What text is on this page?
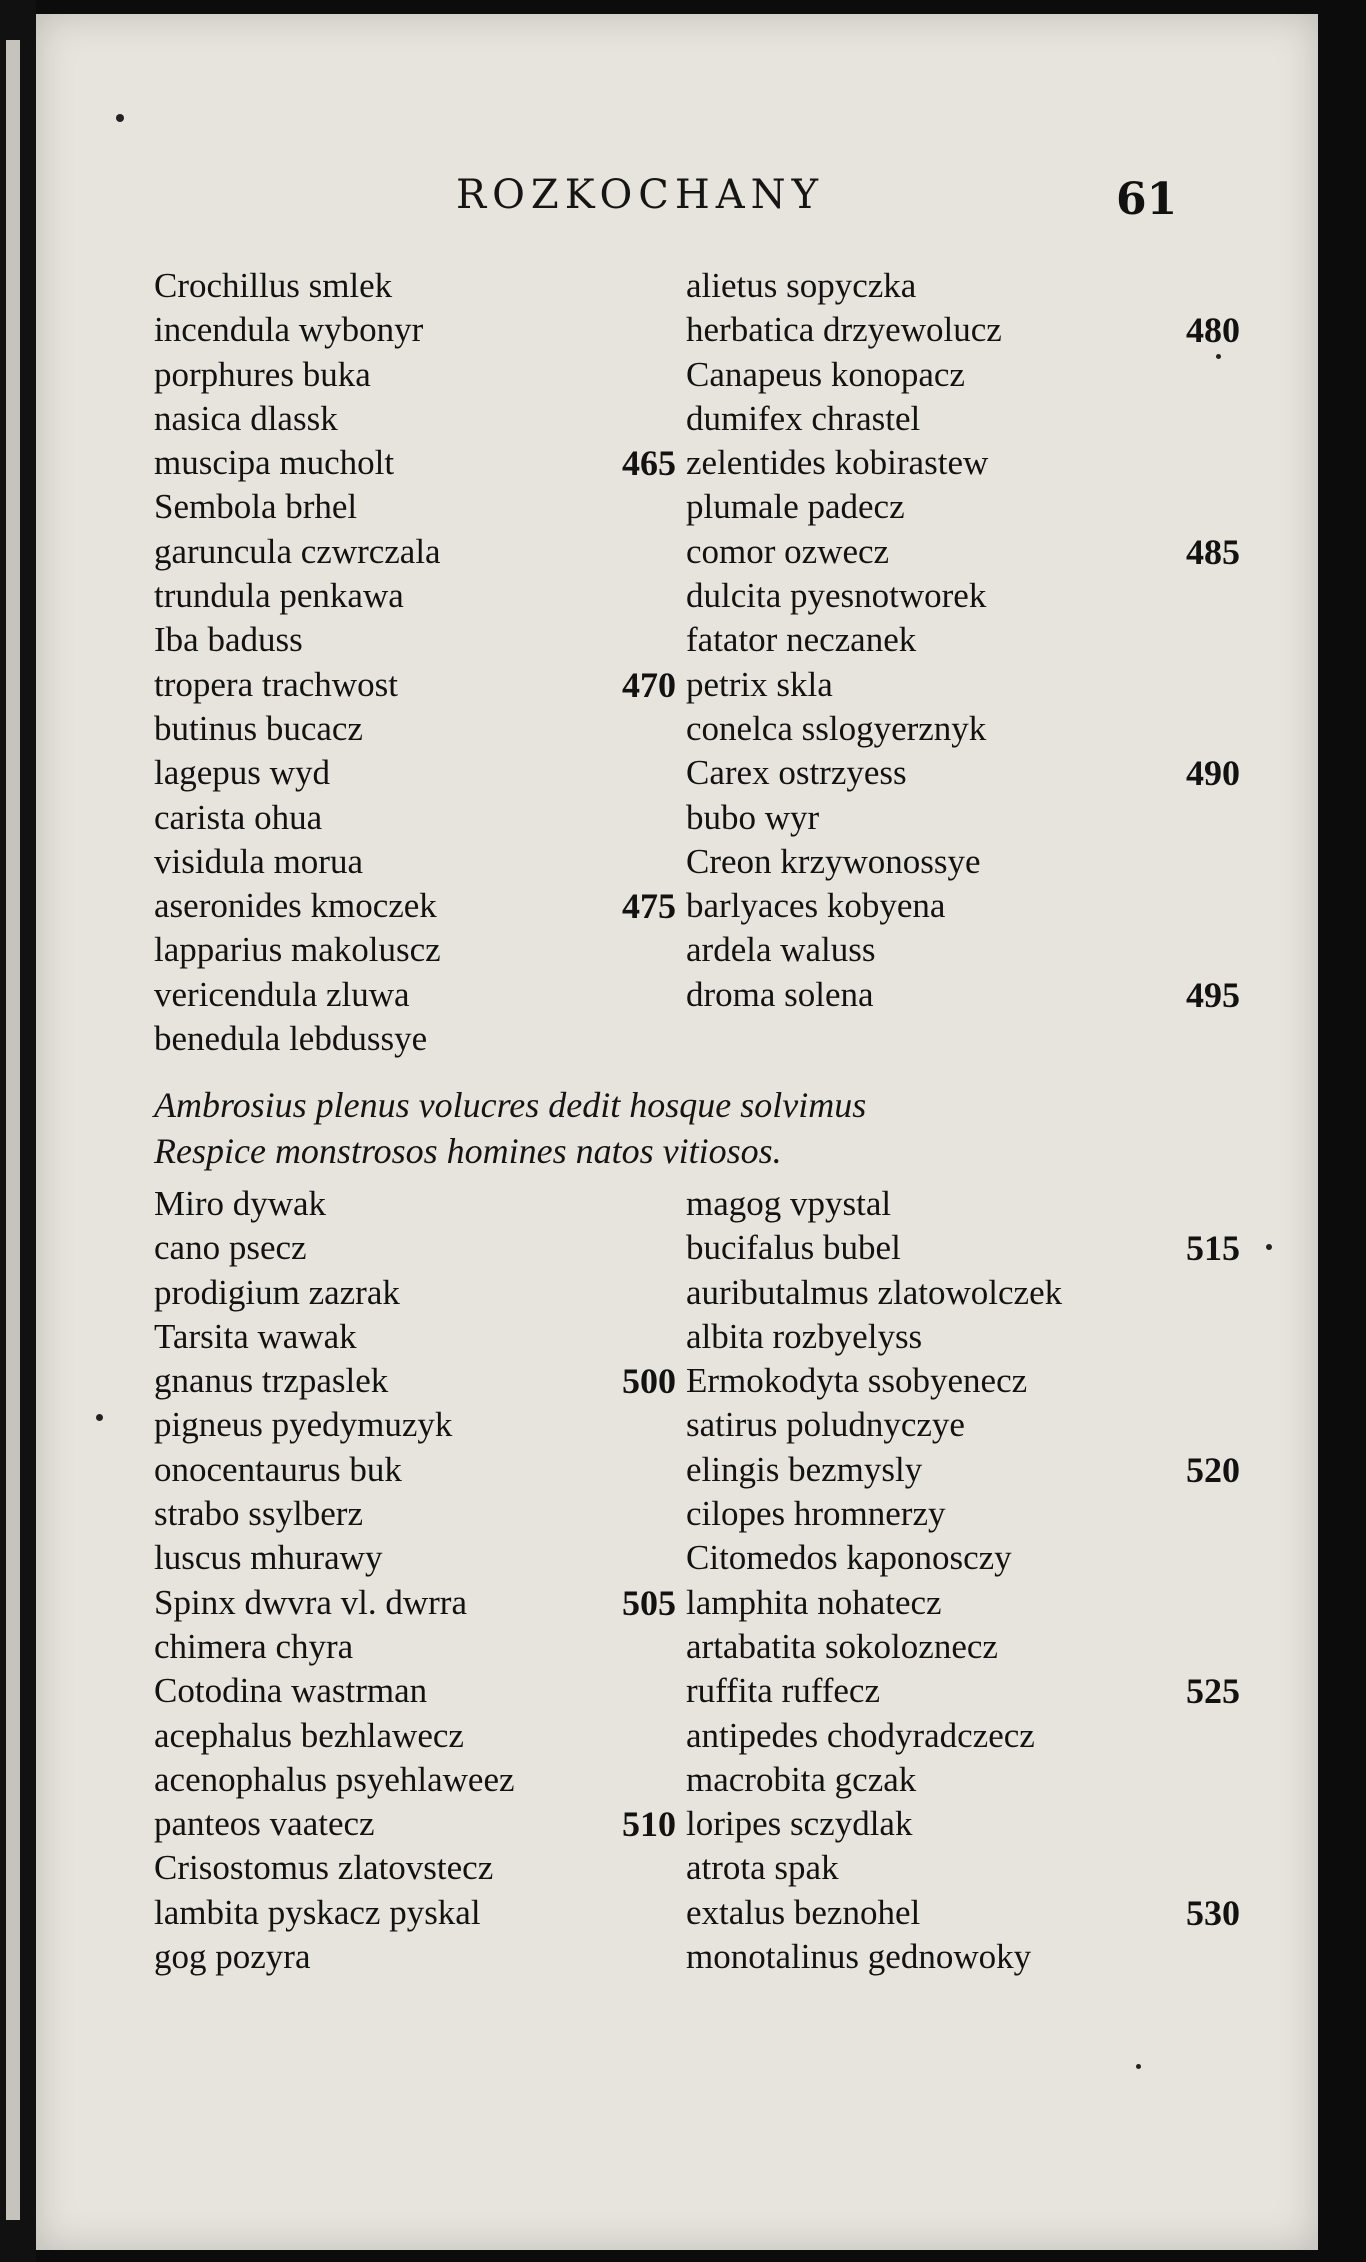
ROZKOCHANY	61
Crochillus smlek
incendula wybonyr
porphures buka
nasica dlassk
muscipa mucholt	465
Sembola brhel
garuncula czwrczala
trundula penkawa
Iba baduss
tropera trachwost	470
butinus bucacz
lagepus wyd
carista ohua
visidula morua
aseronides kmoczek	475
lapparius makoluscz
vericendula zluwa
benedula lebdussye
alietus sopyczka
herbatica drzyewolucz	480
Canapeus konopacz
dumifex chrastel
zelentides kobirastew
plumale padecz
comor ozwecz	485
dulcita pyesnotworek
fatator neczanek
petrix skla
conelca sslogyerznyk
Carex ostrzyess	490
bubo wyr
Creon krzywonossye
barlyaces kobyena
ardela waluss
droma solena	495
Ambrosius plenus volucres dedit hosque solvimus
Respice monstrosos homines natos vitiosos.
Miro dywak
cano psecz
prodigium zazrak
Tarsita wawak
gnanus trzpaslek	500
pigneus pyedymuzyk
onocentaurus buk
strabo ssylberz
luscus mhurawy
Spinx dwvra vl. dwrra	505
chimera chyra
Cotodina wastrman
acephalus bezhlawecz
acenophalus psyehlaweez
panteos vaatecz	510
Crisostomus zlatovstecz
lambita pyskacz pyskal
gog pozyra
magog vpystal
bucifalus bubel	515
auributalmus zlatowolczek
albita rozbyelyss
Ermokodyta ssobyenecz
satirus poludnyczye
elingis bezmysly	520
cilopes hromnerzy
Citomedos kaponosczy
lamphita nohatecz
artabatita sokoloznecz
ruffita ruffecz	525
antipedes chodyradczecz
macrobita gczak
loripes sczydlak
atrota spak
extalus beznohel	530
monotalinus gednowoky
